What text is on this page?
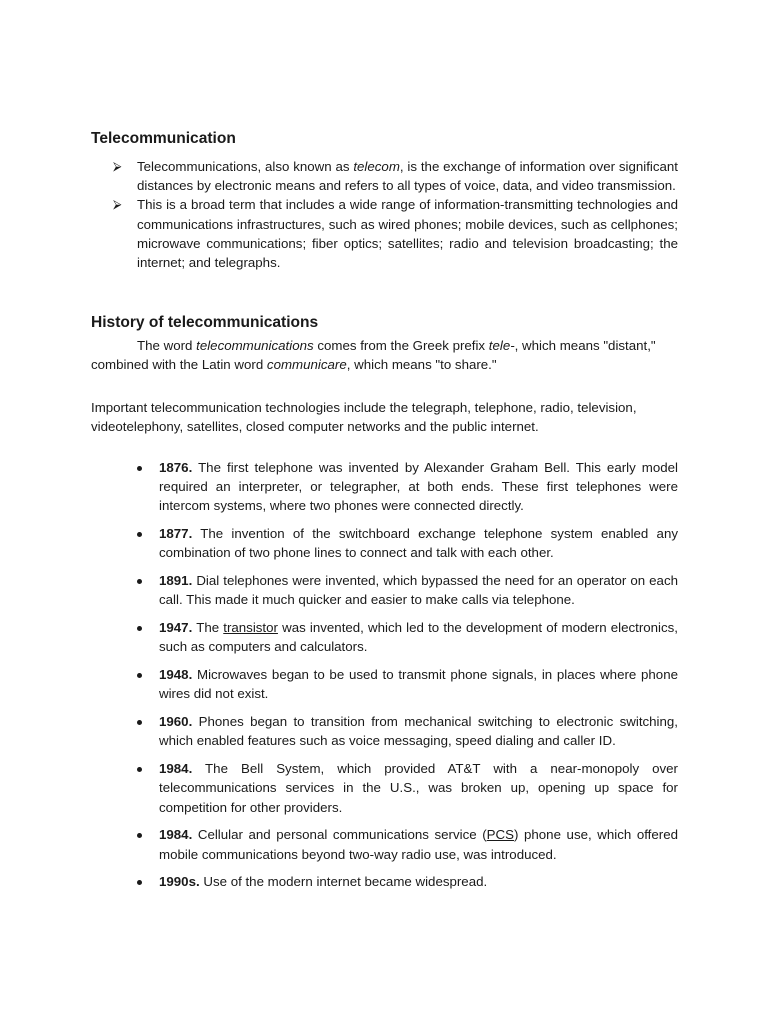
Telecommunication
⮚ Telecommunications, also known as telecom, is the exchange of information over significant distances by electronic means and refers to all types of voice, data, and video transmission.
⮚ This is a broad term that includes a wide range of information-transmitting technologies and communications infrastructures, such as wired phones; mobile devices, such as cellphones; microwave communications; fiber optics; satellites; radio and television broadcasting; the internet; and telegraphs.
History of telecommunications

The word telecommunications comes from the Greek prefix tele-, which means "distant," combined with the Latin word communicare, which means "to share."

Important telecommunication technologies include the telegraph, telephone, radio, television, videotelephony, satellites, closed computer networks and the public internet.

1876. The first telephone was invented by Alexander Graham Bell. This early model required an interpreter, or telegrapher, at both ends. These first telephones were intercom systems, where two phones were connected directly.
1877. The invention of the switchboard exchange telephone system enabled any combination of two phone lines to connect and talk with each other.
1891. Dial telephones were invented, which bypassed the need for an operator on each call. This made it much quicker and easier to make calls via telephone.
1947. The transistor was invented, which led to the development of modern electronics, such as computers and calculators.
1948. Microwaves began to be used to transmit phone signals, in places where phone wires did not exist.
1960. Phones began to transition from mechanical switching to electronic switching, which enabled features such as voice messaging, speed dialing and caller ID.
1984. The Bell System, which provided AT&T with a near-monopoly over telecommunications services in the U.S., was broken up, opening up space for competition for other providers.
1984. Cellular and personal communications service (PCS) phone use, which offered mobile communications beyond two-way radio use, was introduced.
1990s. Use of the modern internet became widespread.
